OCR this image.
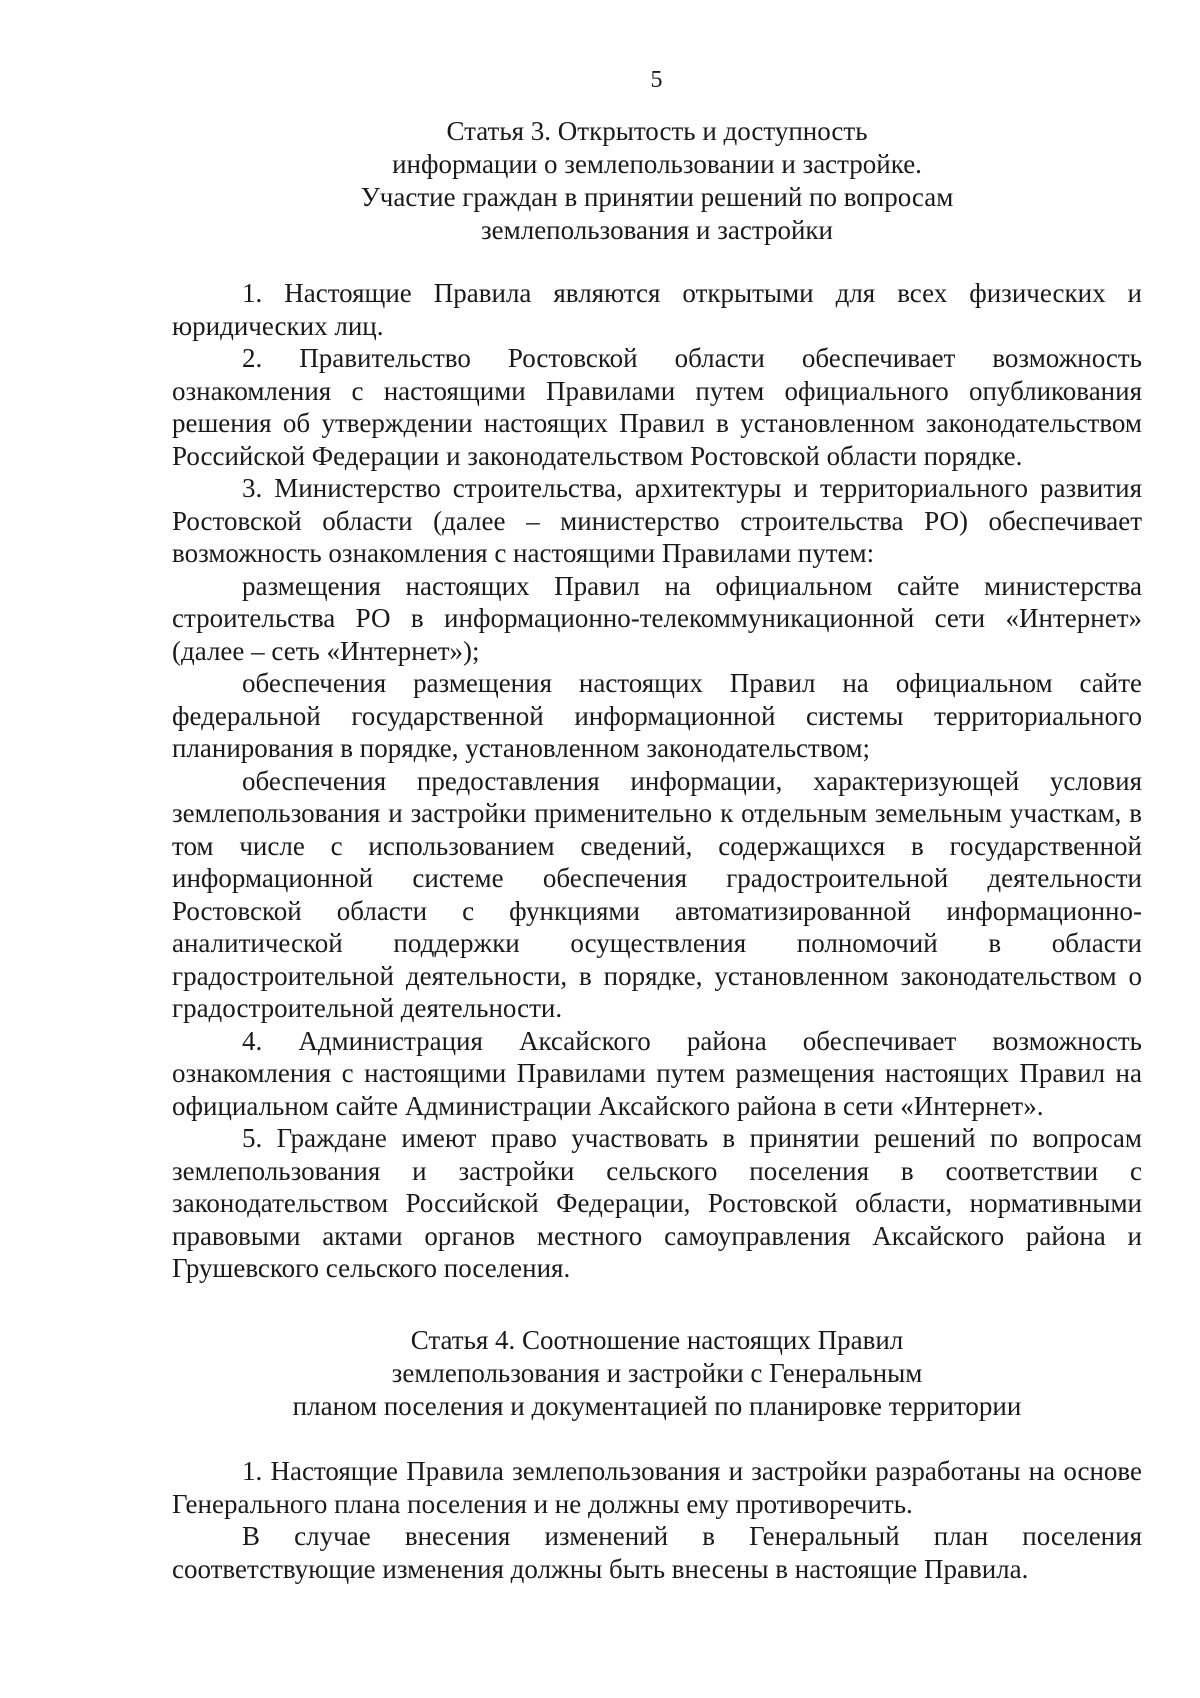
5
Статья 3. Открытость и доступность
информации о землепользовании и застройке.
Участие граждан в принятии решений по вопросам
землепользования и застройки

1. Настоящие Правила являются открытыми для всех физических и юридических лиц.

2. Правительство Ростовской области обеспечивает возможность ознакомления с настоящими Правилами путем официального опубликования решения об утверждении настоящих Правил в установленном законодательством Российской Федерации и законодательством Ростовской области порядке.

3. Министерство строительства, архитектуры и территориального развития Ростовской области (далее – министерство строительства РО) обеспечивает возможность ознакомления с настоящими Правилами путем:

размещения настоящих Правил на официальном сайте министерства строительства РО в информационно-телекоммуникационной сети «Интернет» (далее – сеть «Интернет»);

обеспечения размещения настоящих Правил на официальном сайте федеральной государственной информационной системы территориального планирования в порядке, установленном законодательством;

обеспечения предоставления информации, характеризующей условия землепользования и застройки применительно к отдельным земельным участкам, в том числе с использованием сведений, содержащихся в государственной информационной системе обеспечения градостроительной деятельности Ростовской области с функциями автоматизированной информационно-аналитической поддержки осуществления полномочий в области градостроительной деятельности, в порядке, установленном законодательством о градостроительной деятельности.

4. Администрация Аксайского района обеспечивает возможность ознакомления с настоящими Правилами путем размещения настоящих Правил на официальном сайте Администрации Аксайского района в сети «Интернет».

5. Граждане имеют право участвовать в принятии решений по вопросам землепользования и застройки сельского поселения в соответствии с законодательством Российской Федерации, Ростовской области, нормативными правовыми актами органов местного самоуправления Аксайского района и Грушевского сельского поселения.

Статья 4. Соотношение настоящих Правил
землепользования и застройки с Генеральным
планом поселения и документацией по планировке территории

1. Настоящие Правила землепользования и застройки разработаны на основе Генерального плана поселения и не должны ему противоречить.

В случае внесения изменений в Генеральный план поселения соответствующие изменения должны быть внесены в настоящие Правила.
